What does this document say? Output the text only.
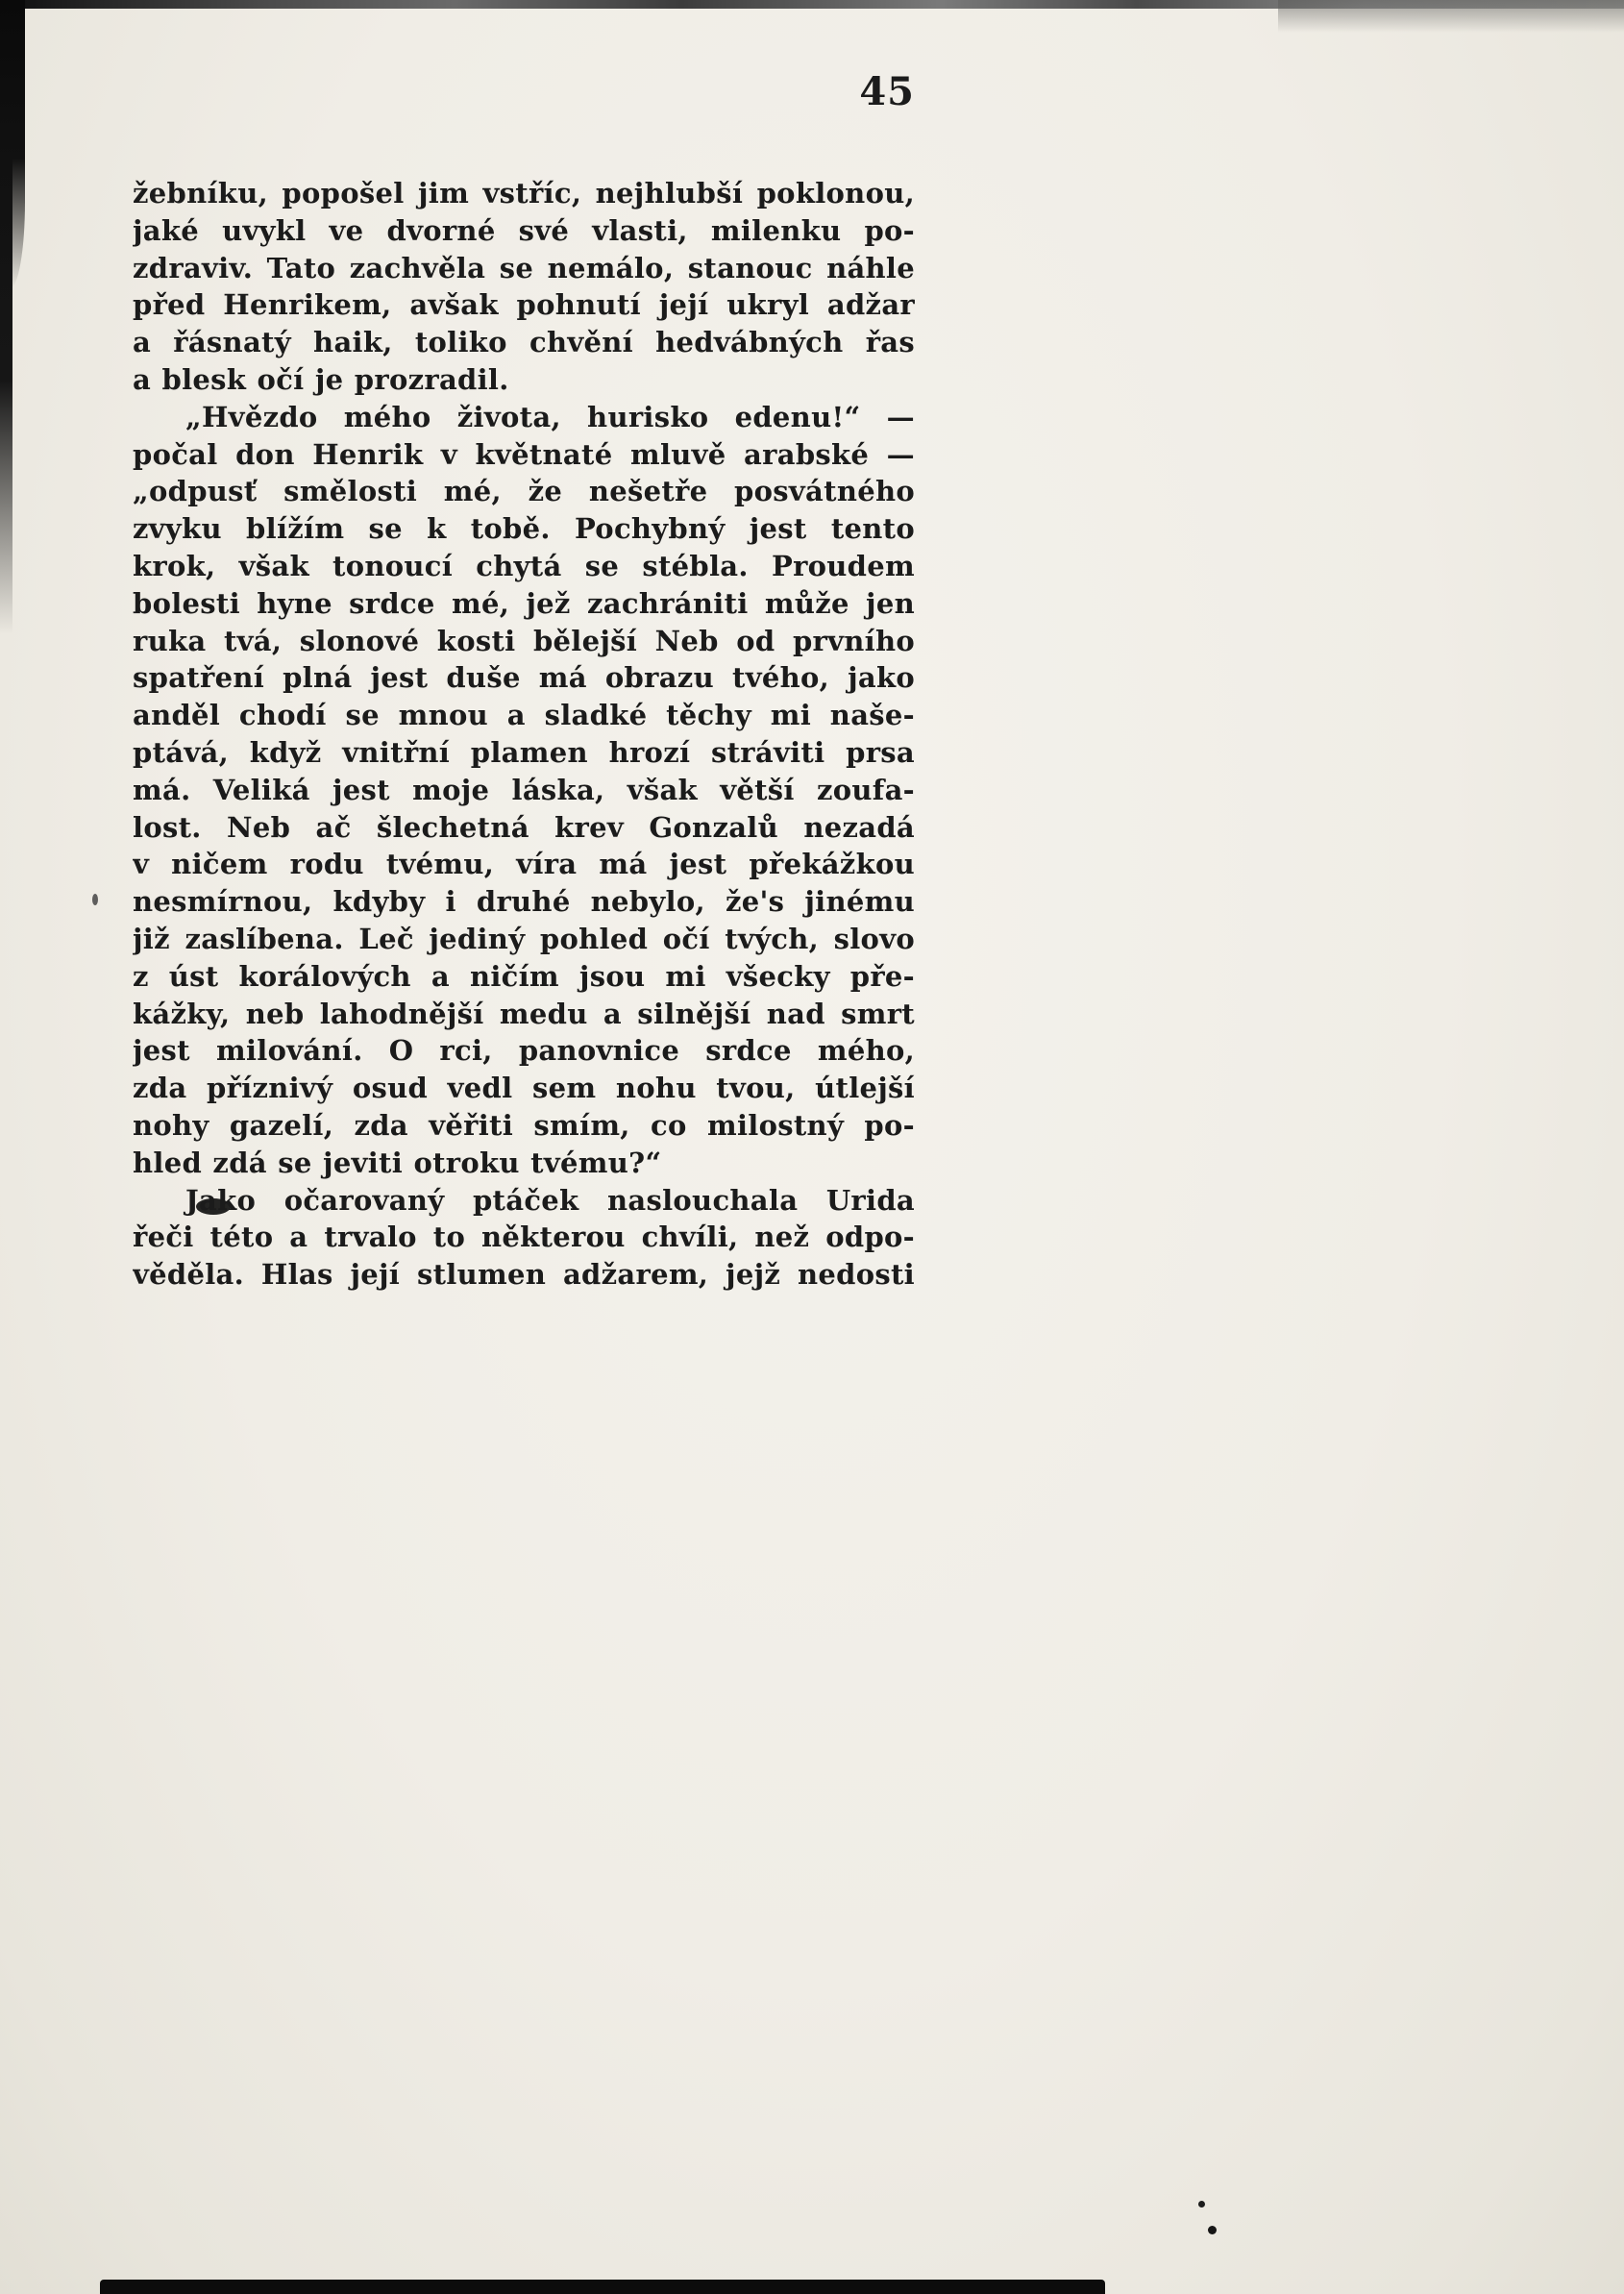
45
žebníku, popošel jim vstříc, nejhlubší poklonou,
jaké uvykl ve dvorné své vlasti, milenku po-
zdraviv. Tato zachvěla se nemálo, stanouc náhle
před Henrikem, avšak pohnutí její ukryl adžar
a řásnatý haik, toliko chvění hedvábných řas
a blesk očí je prozradil.
„Hvězdo mého života, hurisko edenu!“ —
počal don Henrik v květnaté mluvě arabské —
„odpusť smělosti mé, že nešetře posvátného
zvyku blížím se k tobě. Pochybný jest tento
krok, však tonoucí chytá se stébla. Proudem
bolesti hyne srdce mé, jež zachrániti může jen
ruka tvá, slonové kosti bělejší Neb od prvního
spatření plná jest duše má obrazu tvého, jako
anděl chodí se mnou a sladké těchy mi naše-
ptává, když vnitřní plamen hrozí stráviti prsa
má. Veliká jest moje láska, však větší zoufa-
lost. Neb ač šlechetná krev Gonzalů nezadá
v ničem rodu tvému, víra má jest překážkou
nesmírnou, kdyby i druhé nebylo, že's jinému
již zaslíbena. Leč jediný pohled očí tvých, slovo
z úst korálových a ničím jsou mi všecky pře-
kážky, neb lahodnější medu a silnější nad smrt
jest milování. O rci, panovnice srdce mého,
zda příznivý osud vedl sem nohu tvou, útlejší
nohy gazelí, zda věřiti smím, co milostný po-
hled zdá se jeviti otroku tvému?“
Jako očarovaný ptáček naslouchala Urida
řeči této a trvalo to některou chvíli, než odpo-
věděla. Hlas její stlumen adžarem, jejž nedosti
